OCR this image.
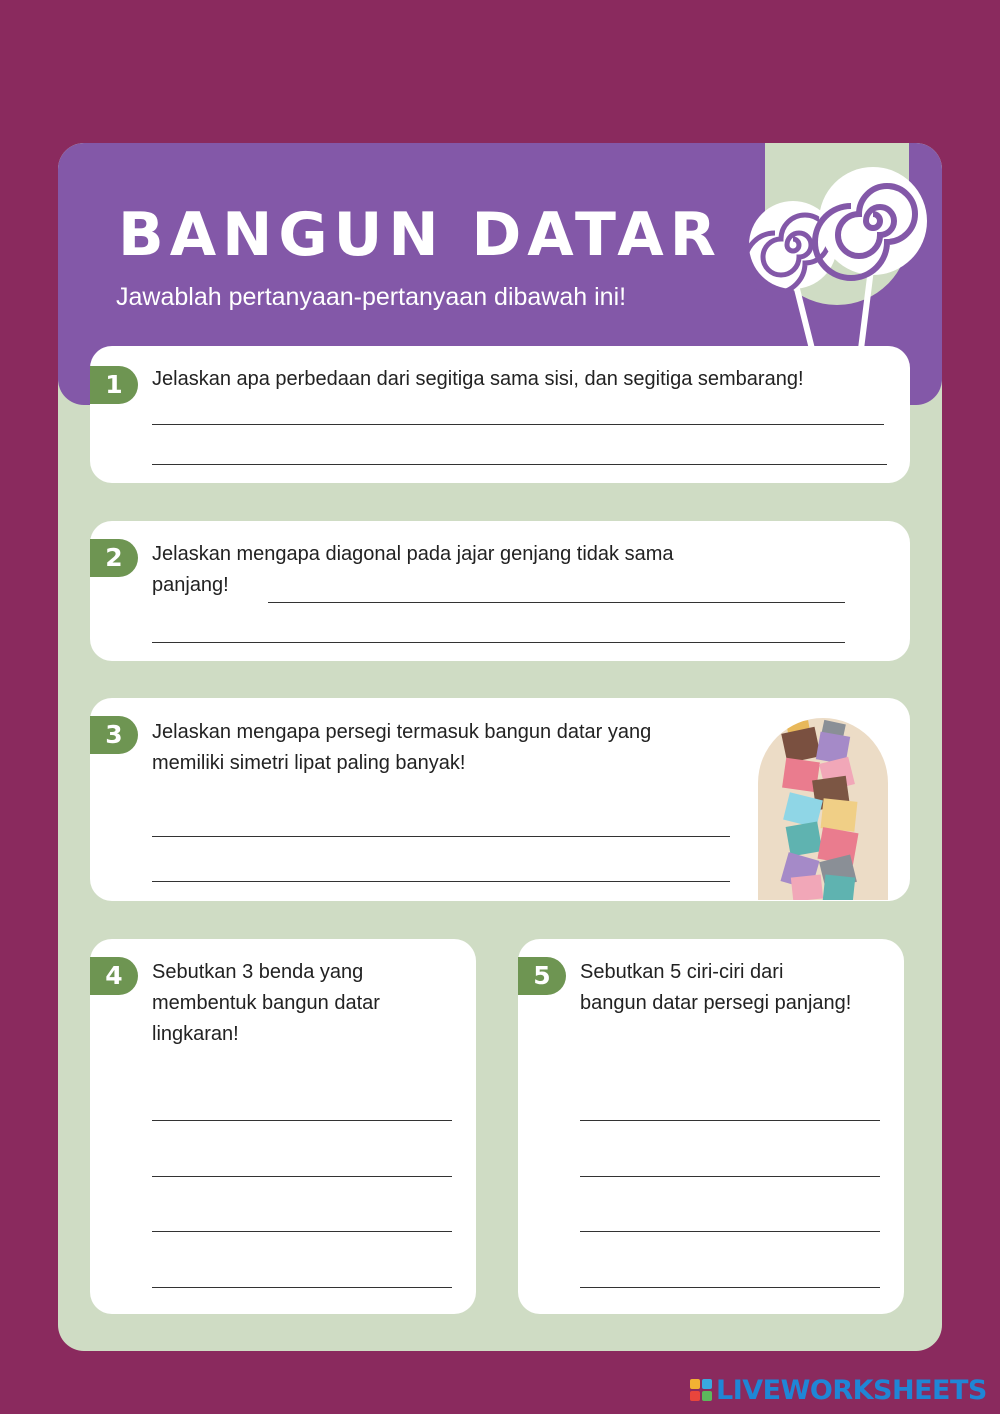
BANGUN DATAR

Jawablah pertanyaan-pertanyaan dibawah ini!

1	Jelaskan apa perbedaan dari segitiga sama sisi, dan segitiga sembarang!

2	Jelaskan mengapa diagonal pada jajar genjang tidak sama

panjang!

3	Jelaskan mengapa persegi termasuk bangun datar yang

memiliki simetri lipat paling banyak!

4	Sebutkan 3 benda yang

membentuk bangun datar

lingkaran!

5	Sebutkan 5 ciri-ciri dari

bangun datar persegi panjang!

LIVEWORKSHEETS
